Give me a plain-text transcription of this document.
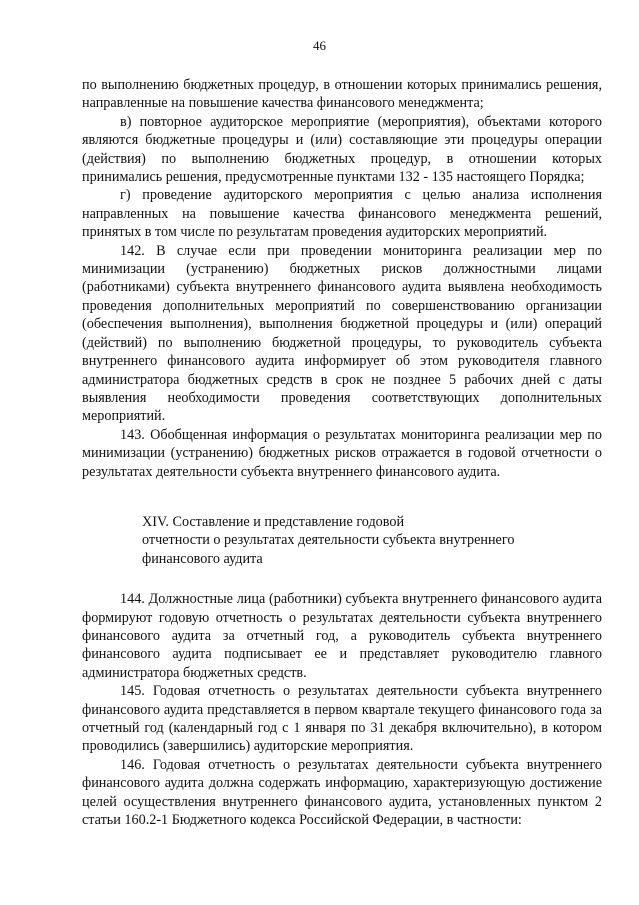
46

по выполнению бюджетных процедур, в отношении которых принимались решения, направленные на повышение качества финансового менеджмента;

в) повторное аудиторское мероприятие (мероприятия), объектами которого являются бюджетные процедуры и (или) составляющие эти процедуры операции (действия) по выполнению бюджетных процедур, в отношении которых принимались решения, предусмотренные пунктами 132 - 135 настоящего Порядка;

г) проведение аудиторского мероприятия с целью анализа исполнения направленных на повышение качества финансового менеджмента решений, принятых в том числе по результатам проведения аудиторских мероприятий.

142. В случае если при проведении мониторинга реализации мер по минимизации (устранению) бюджетных рисков должностными лицами (работниками) субъекта внутреннего финансового аудита выявлена необходимость проведения дополнительных мероприятий по совершенствованию организации (обеспечения выполнения), выполнения бюджетной процедуры и (или) операций (действий) по выполнению бюджетной процедуры, то руководитель субъекта внутреннего финансового аудита информирует об этом руководителя главного администратора бюджетных средств в срок не позднее 5 рабочих дней с даты выявления необходимости проведения соответствующих дополнительных мероприятий.

143. Обобщенная информация о результатах мониторинга реализации мер по минимизации (устранению) бюджетных рисков отражается в годовой отчетности о результатах деятельности субъекта внутреннего финансового аудита.

XIV. Составление и представление годовой

отчетности о результатах деятельности субъекта внутреннего

финансового аудита

144. Должностные лица (работники) субъекта внутреннего финансового аудита формируют годовую отчетность о результатах деятельности субъекта внутреннего финансового аудита за отчетный год, а руководитель субъекта внутреннего финансового аудита подписывает ее и представляет руководителю главного администратора бюджетных средств.

145. Годовая отчетность о результатах деятельности субъекта внутреннего финансового аудита представляется в первом квартале текущего финансового года за отчетный год (календарный год с 1 января по 31 декабря включительно), в котором проводились (завершились) аудиторские мероприятия.

146. Годовая отчетность о результатах деятельности субъекта внутреннего финансового аудита должна содержать информацию, характеризующую достижение целей осуществления внутреннего финансового аудита, установленных пунктом 2 статьи 160.2-1 Бюджетного кодекса Российской Федерации, в частности:
